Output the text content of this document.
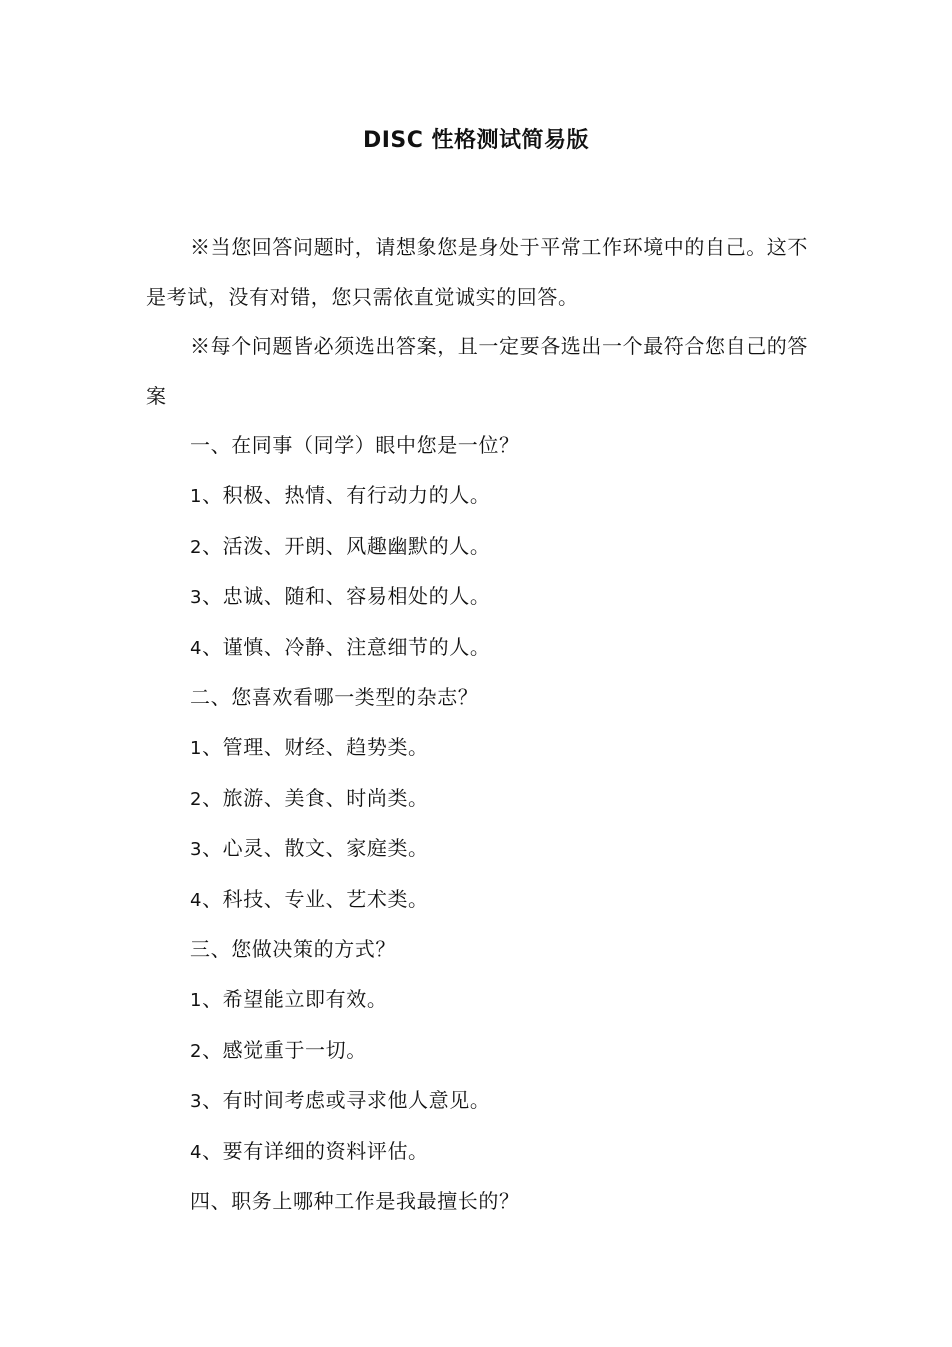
DISC 性格测试简易版

※当您回答问题时，请想象您是身处于平常工作环境中的自己。这不是考试，没有对错，您只需依直觉诚实的回答。

※每个问题皆必须选出答案，且一定要各选出一个最符合您自己的答案

一、在同事（同学）眼中您是一位？

1、积极、热情、有行动力的人。

2、活泼、开朗、风趣幽默的人。

3、忠诚、随和、容易相处的人。

4、谨慎、冷静、注意细节的人。

二、您喜欢看哪一类型的杂志？

1、管理、财经、趋势类。

2、旅游、美食、时尚类。

3、心灵、散文、家庭类。

4、科技、专业、艺术类。

三、您做决策的方式？

1、希望能立即有效。

2、感觉重于一切。

3、有时间考虑或寻求他人意见。

4、要有详细的资料评估。

四、职务上哪种工作是我最擅长的？
